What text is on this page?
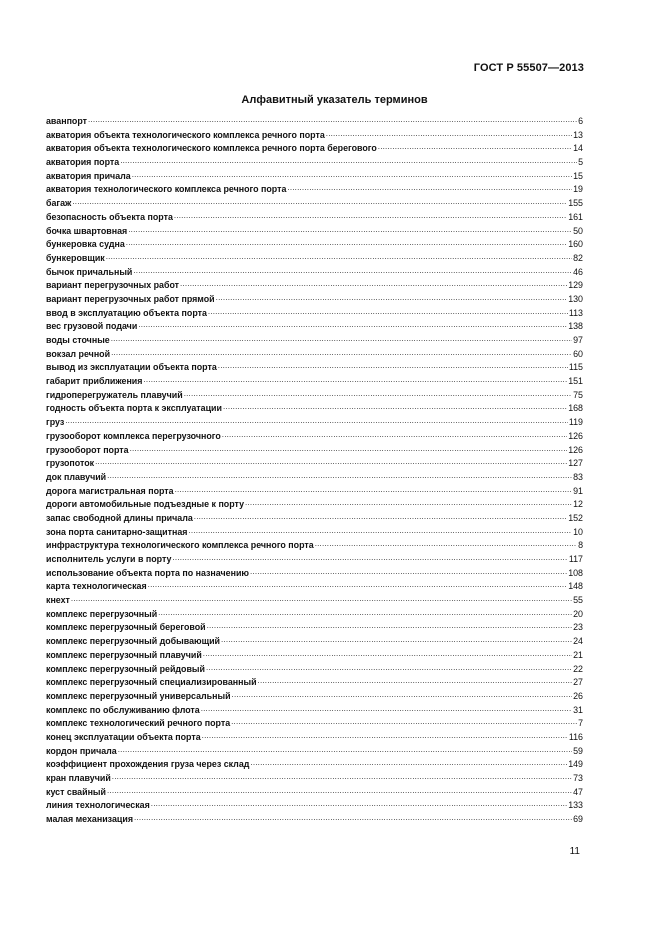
ГОСТ Р 55507—2013
Алфавитный указатель терминов
аванпорт .....	6
акватория объекта технологического комплекса речного порта .....	13
акватория объекта технологического комплекса речного порта берегового .....	14
акватория порта .....	5
акватория причала .....	15
акватория технологического комплекса речного порта .....	19
багаж .....	155
безопасность объекта порта .....	161
бочка швартовная .....	50
бункеровка судна .....	160
бункеровщик .....	82
бычок причальный .....	46
вариант перегрузочных работ .....	129
вариант перегрузочных работ прямой .....	130
ввод в эксплуатацию объекта порта .....	113
вес грузовой подачи .....	138
воды сточные .....	97
вокзал речной .....	60
вывод из эксплуатации объекта порта .....	115
габарит приближения .....	151
гидроперегружатель плавучий .....	75
годность объекта порта к эксплуатации .....	168
груз .....	119
грузооборот комплекса перегрузочного .....	126
грузооборот порта .....	126
грузопоток .....	127
док плавучий .....	83
дорога магистральная порта .....	91
дороги автомобильные подъездные к порту .....	12
запас свободной длины причала .....	152
зона порта санитарно-защитная .....	10
инфраструктура технологического комплекса речного порта .....	8
исполнитель услуги в порту .....	117
использование объекта порта по назначению .....	108
карта технологическая .....	148
кнехт .....	55
комплекс перегрузочный .....	20
комплекс перегрузочный береговой .....	23
комплекс перегрузочный добывающий .....	24
комплекс перегрузочный плавучий .....	21
комплекс перегрузочный рейдовый .....	22
комплекс перегрузочный специализированный .....	27
комплекс перегрузочный универсальный .....	26
комплекс по обслуживанию флота .....	31
комплекс технологический речного порта .....	7
конец эксплуатации объекта порта .....	116
кордон причала .....	59
коэффициент прохождения груза через склад .....	149
кран плавучий .....	73
куст свайный .....	47
линия технологическая .....	133
малая механизация .....	69
11
